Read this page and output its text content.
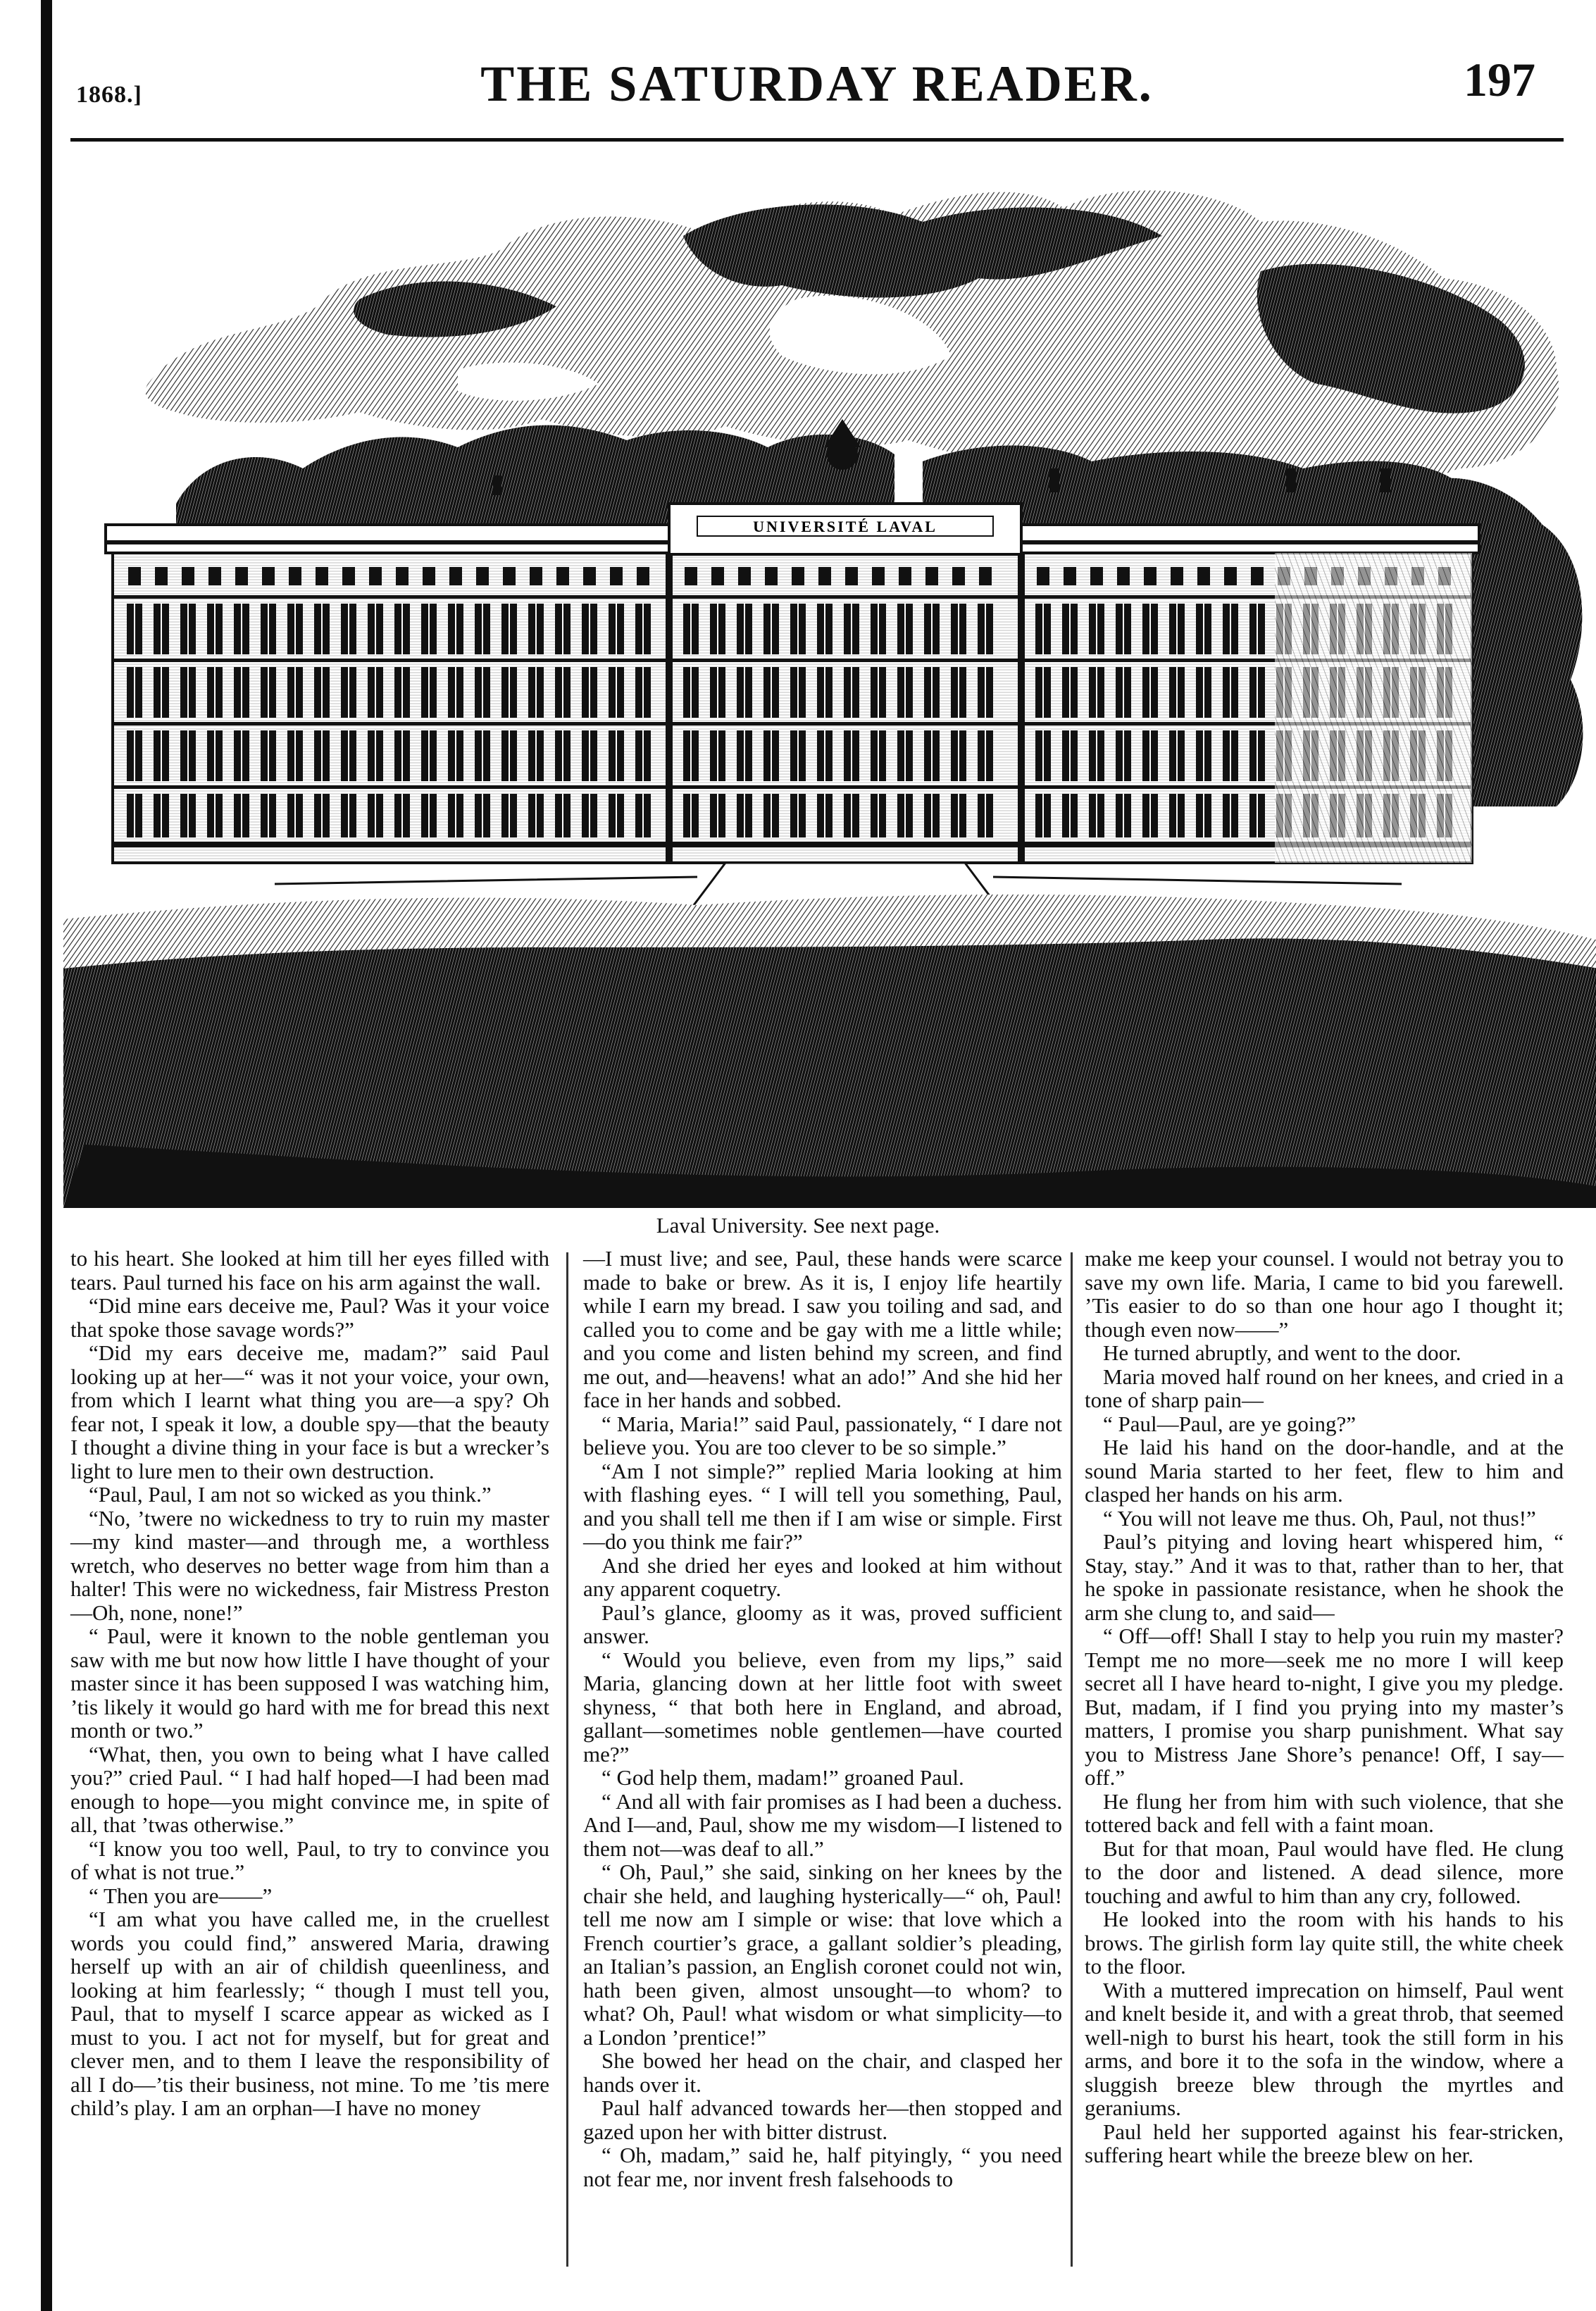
1868.]	THE SATURDAY READER.	197
UNIVERSITÉ LAVAL
Laval University. See next page.

to his heart. She looked at him till her eyes filled with tears. Paul turned his face on his arm against the wall.

“Did mine ears deceive me, Paul? Was it your voice that spoke those savage words?”

“Did my ears deceive me, madam?” said Paul looking up at her—“ was it not your voice, your own, from which I learnt what thing you are—a spy? Oh fear not, I speak it low, a double spy—that the beauty I thought a divine thing in your face is but a wrecker’s light to lure men to their own destruction.

“Paul, Paul, I am not so wicked as you think.”

“No, ’twere no wickedness to try to ruin my master—my kind master—and through me, a worthless wretch, who deserves no better wage from him than a halter! This were no wickedness, fair Mistress Preston—Oh, none, none!”

“ Paul, were it known to the noble gentleman you saw with me but now how little I have thought of your master since it has been supposed I was watching him, ’tis likely it would go hard with me for bread this next month or two.”

“What, then, you own to being what I have called you?” cried Paul. “ I had half hoped—I had been mad enough to hope—you might convince me, in spite of all, that ’twas otherwise.”

“I know you too well, Paul, to try to convince you of what is not true.”

“ Then you are——”

“I am what you have called me, in the cruellest words you could find,” answered Maria, drawing herself up with an air of childish queenliness, and looking at him fearlessly; “ though I must tell you, Paul, that to myself I scarce appear as wicked as I must to you. I act not for myself, but for great and clever men, and to them I leave the responsibility of all I do—’tis their business, not mine. To me ’tis mere child’s play. I am an orphan—I have no money

—I must live; and see, Paul, these hands were scarce made to bake or brew. As it is, I enjoy life heartily while I earn my bread. I saw you toiling and sad, and called you to come and be gay with me a little while; and you come and listen behind my screen, and find me out, and—heavens! what an ado!” And she hid her face in her hands and sobbed.

“ Maria, Maria!” said Paul, passionately, “ I dare not believe you. You are too clever to be so simple.”

“Am I not simple?” replied Maria looking at him with flashing eyes. “ I will tell you something, Paul, and you shall tell me then if I am wise or simple. First—do you think me fair?”

And she dried her eyes and looked at him without any apparent coquetry.

Paul’s glance, gloomy as it was, proved sufficient answer.

“ Would you believe, even from my lips,” said Maria, glancing down at her little foot with sweet shyness, “ that both here in England, and abroad, gallant—sometimes noble gentlemen—have courted me?”

“ God help them, madam!” groaned Paul.

“ And all with fair promises as I had been a duchess. And I—and, Paul, show me my wisdom—I listened to them not—was deaf to all.”

“ Oh, Paul,” she said, sinking on her knees by the chair she held, and laughing hysterically—“ oh, Paul! tell me now am I simple or wise: that love which a French courtier’s grace, a gallant soldier’s pleading, an Italian’s passion, an English coronet could not win, hath been given, almost unsought—to whom? to what? Oh, Paul! what wisdom or what simplicity—to a London ’prentice!”

She bowed her head on the chair, and clasped her hands over it.

Paul half advanced towards her—then stopped and gazed upon her with bitter distrust.

“ Oh, madam,” said he, half pityingly, “ you need not fear me, nor invent fresh falsehoods to

make me keep your counsel. I would not betray you to save my own life. Maria, I came to bid you farewell. ’Tis easier to do so than one hour ago I thought it; though even now——”

He turned abruptly, and went to the door.

Maria moved half round on her knees, and cried in a tone of sharp pain—

“ Paul—Paul, are ye going?”

He laid his hand on the door-handle, and at the sound Maria started to her feet, flew to him and clasped her hands on his arm.

“ You will not leave me thus. Oh, Paul, not thus!”

Paul’s pitying and loving heart whispered him, “ Stay, stay.” And it was to that, rather than to her, that he spoke in passionate resistance, when he shook the arm she clung to, and said—

“ Off—off! Shall I stay to help you ruin my master? Tempt me no more—seek me no more I will keep secret all I have heard to-night, I give you my pledge. But, madam, if I find you prying into my master’s matters, I promise you sharp punishment. What say you to Mistress Jane Shore’s penance! Off, I say—off.”

He flung her from him with such violence, that she tottered back and fell with a faint moan.

But for that moan, Paul would have fled. He clung to the door and listened. A dead silence, more touching and awful to him than any cry, followed.

He looked into the room with his hands to his brows. The girlish form lay quite still, the white cheek to the floor.

With a muttered imprecation on himself, Paul went and knelt beside it, and with a great throb, that seemed well-nigh to burst his heart, took the still form in his arms, and bore it to the sofa in the window, where a sluggish breeze blew through the myrtles and geraniums.

Paul held her supported against his fear-stricken, suffering heart while the breeze blew on her.
